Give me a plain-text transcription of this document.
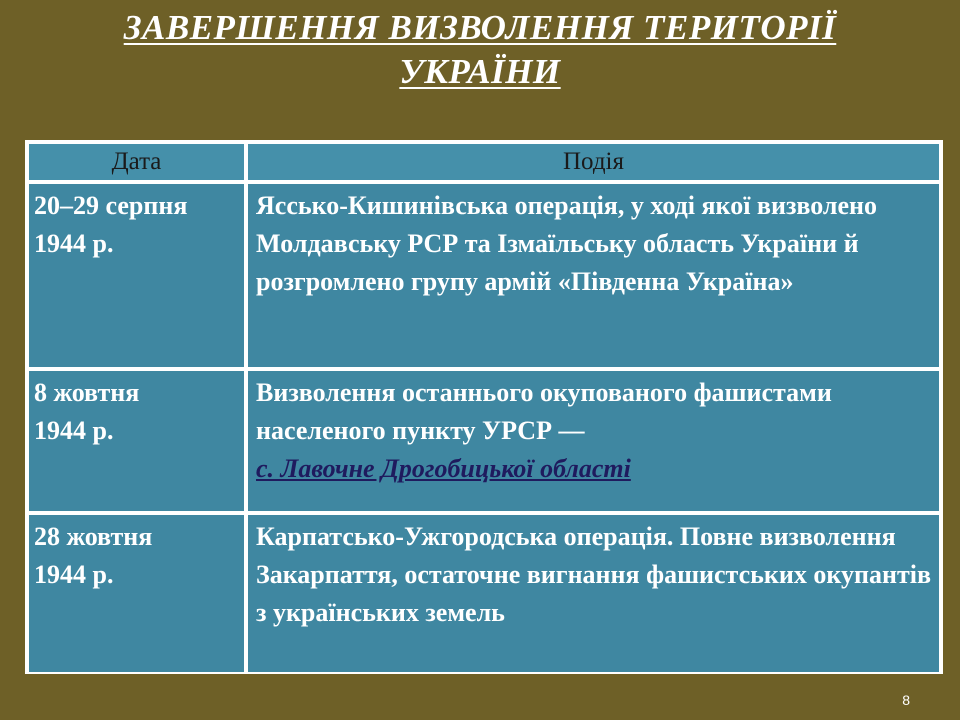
ЗАВЕРШЕННЯ ВИЗВОЛЕННЯ ТЕРИТОРІЇ
УКРАЇНИ
Дата	Подія
20–29 серпня
1944 р.	Яссько-Кишинівська операція, у ході якої визволено Молдавську РСР та Ізмаїльську область України й розгромлено групу армій «Південна Україна»
8 жовтня
1944 р.	Визволення останнього окупованого фашистами населеного пункту УРСР —
с. Лавочне Дрогобицької області
28 жовтня
1944 р.	Карпатсько-Ужгородська операція. Повне визволення Закарпаття, остаточне вигнання фашистських окупантів з українських земель
8
